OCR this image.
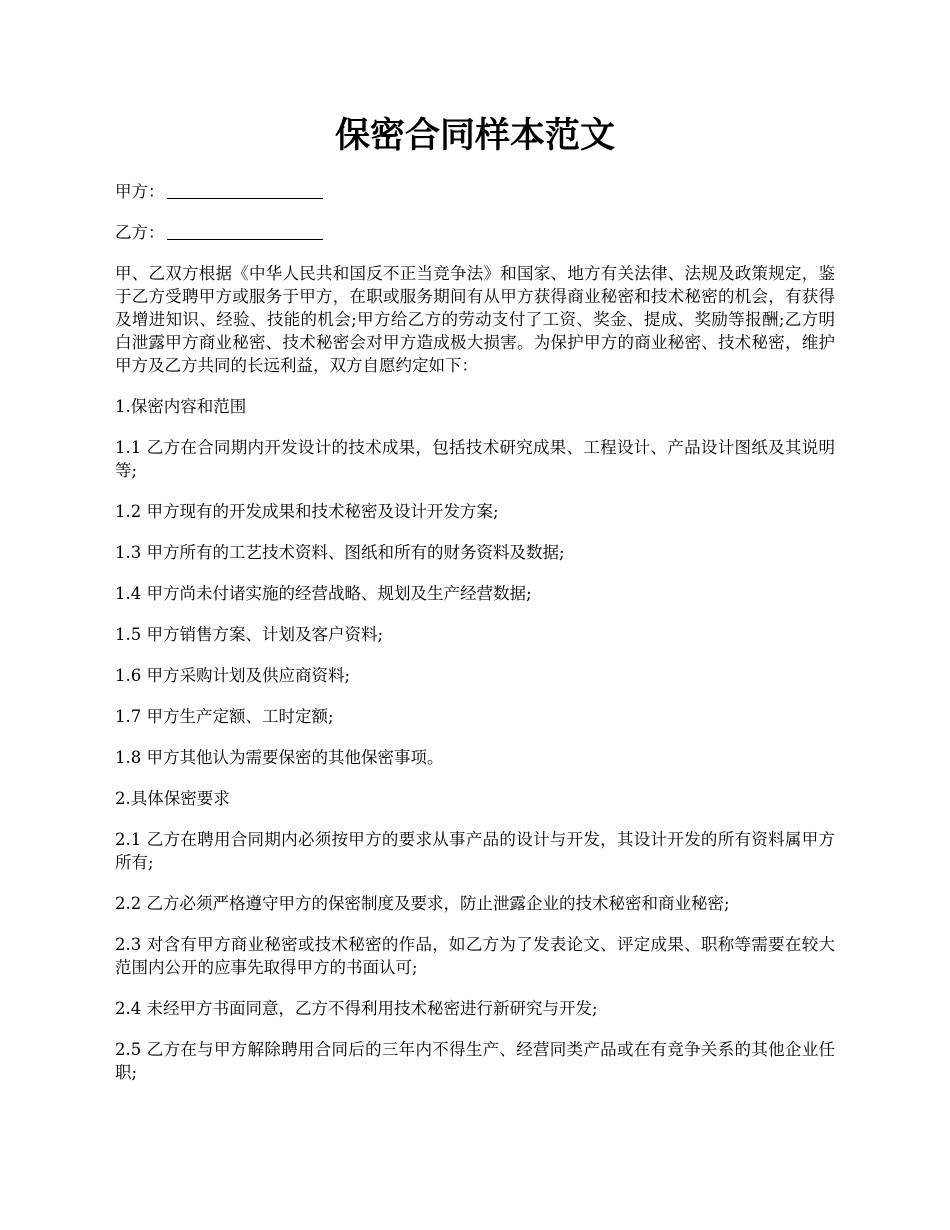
保密合同样本范文

甲方：

乙方：

甲、乙双方根据《中华人民共和国反不正当竞争法》和国家、地方有关法律、法规及政策规定，鉴于乙方受聘甲方或服务于甲方，在职或服务期间有从甲方获得商业秘密和技术秘密的机会，有获得及增进知识、经验、技能的机会;甲方给乙方的劳动支付了工资、奖金、提成、奖励等报酬;乙方明白泄露甲方商业秘密、技术秘密会对甲方造成极大损害。为保护甲方的商业秘密、技术秘密，维护甲方及乙方共同的长远利益，双方自愿约定如下：

1.保密内容和范围

1.1 乙方在合同期内开发设计的技术成果，包括技术研究成果、工程设计、产品设计图纸及其说明等;

1.2 甲方现有的开发成果和技术秘密及设计开发方案;

1.3 甲方所有的工艺技术资料、图纸和所有的财务资料及数据;

1.4 甲方尚未付诸实施的经营战略、规划及生产经营数据;

1.5 甲方销售方案、计划及客户资料;

1.6 甲方采购计划及供应商资料;

1.7 甲方生产定额、工时定额;

1.8 甲方其他认为需要保密的其他保密事项。

2.具体保密要求

2.1 乙方在聘用合同期内必须按甲方的要求从事产品的设计与开发，其设计开发的所有资料属甲方所有;

2.2 乙方必须严格遵守甲方的保密制度及要求，防止泄露企业的技术秘密和商业秘密;

2.3 对含有甲方商业秘密或技术秘密的作品，如乙方为了发表论文、评定成果、职称等需要在较大范围内公开的应事先取得甲方的书面认可;

2.4 未经甲方书面同意，乙方不得利用技术秘密进行新研究与开发;

2.5 乙方在与甲方解除聘用合同后的三年内不得生产、经营同类产品或在有竞争关系的其他企业任职;
